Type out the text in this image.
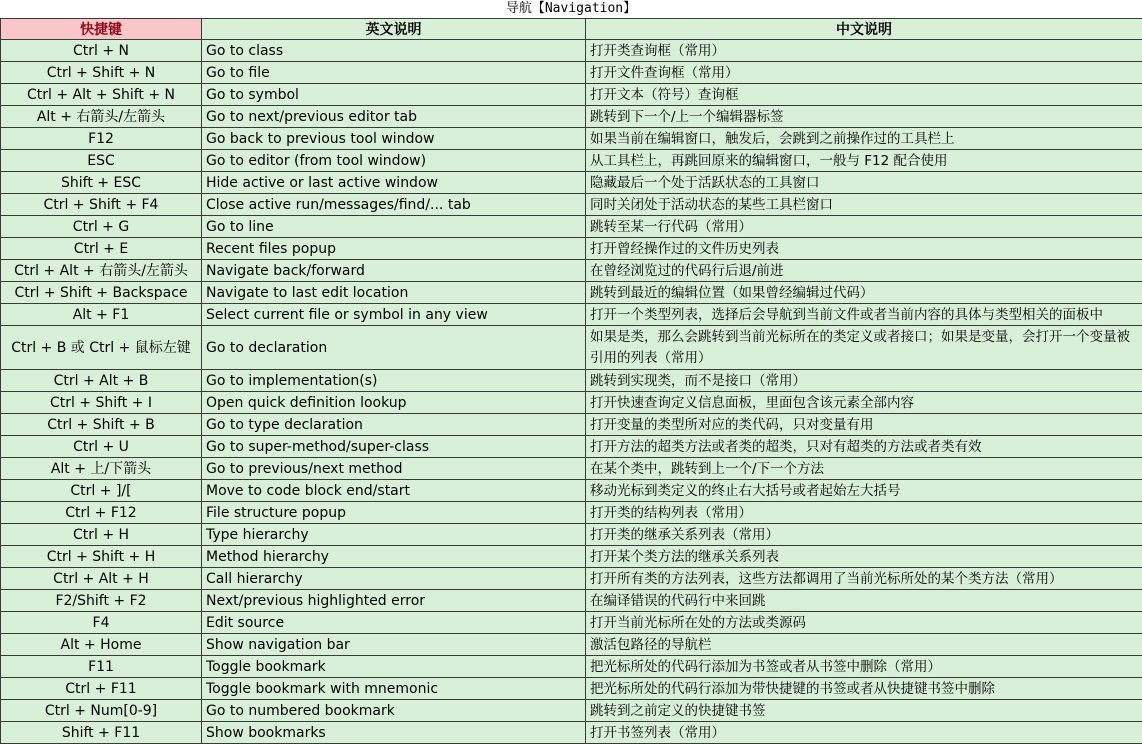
导航【Navigation】
快捷键	英文说明	中文说明
Ctrl + N	Go to class	打开类查询框（常用）
Ctrl + Shift + N	Go to file	打开文件查询框（常用）
Ctrl + Alt + Shift + N	Go to symbol	打开文本（符号）查询框
Alt + 右箭头/左箭头	Go to next/previous editor tab	跳转到下一个/上一个编辑器标签
F12	Go back to previous tool window	如果当前在编辑窗口，触发后，会跳到之前操作过的工具栏上
ESC	Go to editor (from tool window)	从工具栏上，再跳回原来的编辑窗口，一般与 F12 配合使用
Shift + ESC	Hide active or last active window	隐藏最后一个处于活跃状态的工具窗口
Ctrl + Shift + F4	Close active run/messages/find/... tab	同时关闭处于活动状态的某些工具栏窗口
Ctrl + G	Go to line	跳转至某一行代码（常用）
Ctrl + E	Recent files popup	打开曾经操作过的文件历史列表
Ctrl + Alt + 右箭头/左箭头	Navigate back/forward	在曾经浏览过的代码行后退/前进
Ctrl + Shift + Backspace	Navigate to last edit location	跳转到最近的编辑位置（如果曾经编辑过代码）
Alt + F1	Select current file or symbol in any view	打开一个类型列表，选择后会导航到当前文件或者当前内容的具体与类型相关的面板中
Ctrl + B 或 Ctrl + 鼠标左键	Go to declaration	如果是类，那么会跳转到当前光标所在的类定义或者接口；如果是变量，会打开一个变量被引用的列表（常用）
Ctrl + Alt + B	Go to implementation(s)	跳转到实现类，而不是接口（常用）
Ctrl + Shift + I	Open quick definition lookup	打开快速查询定义信息面板，里面包含该元素全部内容
Ctrl + Shift + B	Go to type declaration	打开变量的类型所对应的类代码，只对变量有用
Ctrl + U	Go to super-method/super-class	打开方法的超类方法或者类的超类，只对有超类的方法或者类有效
Alt + 上/下箭头	Go to previous/next method	在某个类中，跳转到上一个/下一个方法
Ctrl + ]/[	Move to code block end/start	移动光标到类定义的终止右大括号或者起始左大括号
Ctrl + F12	File structure popup	打开类的结构列表（常用）
Ctrl + H	Type hierarchy	打开类的继承关系列表（常用）
Ctrl + Shift + H	Method hierarchy	打开某个类方法的继承关系列表
Ctrl + Alt + H	Call hierarchy	打开所有类的方法列表，这些方法都调用了当前光标所处的某个类方法（常用）
F2/Shift + F2	Next/previous highlighted error	在编译错误的代码行中来回跳
F4	Edit source	打开当前光标所在处的方法或类源码
Alt + Home	Show navigation bar	激活包路径的导航栏
F11	Toggle bookmark	把光标所处的代码行添加为书签或者从书签中删除（常用）
Ctrl + F11	Toggle bookmark with mnemonic	把光标所处的代码行添加为带快捷键的书签或者从快捷键书签中删除
Ctrl + Num[0-9]	Go to numbered bookmark	跳转到之前定义的快捷键书签
Shift + F11	Show bookmarks	打开书签列表（常用）
